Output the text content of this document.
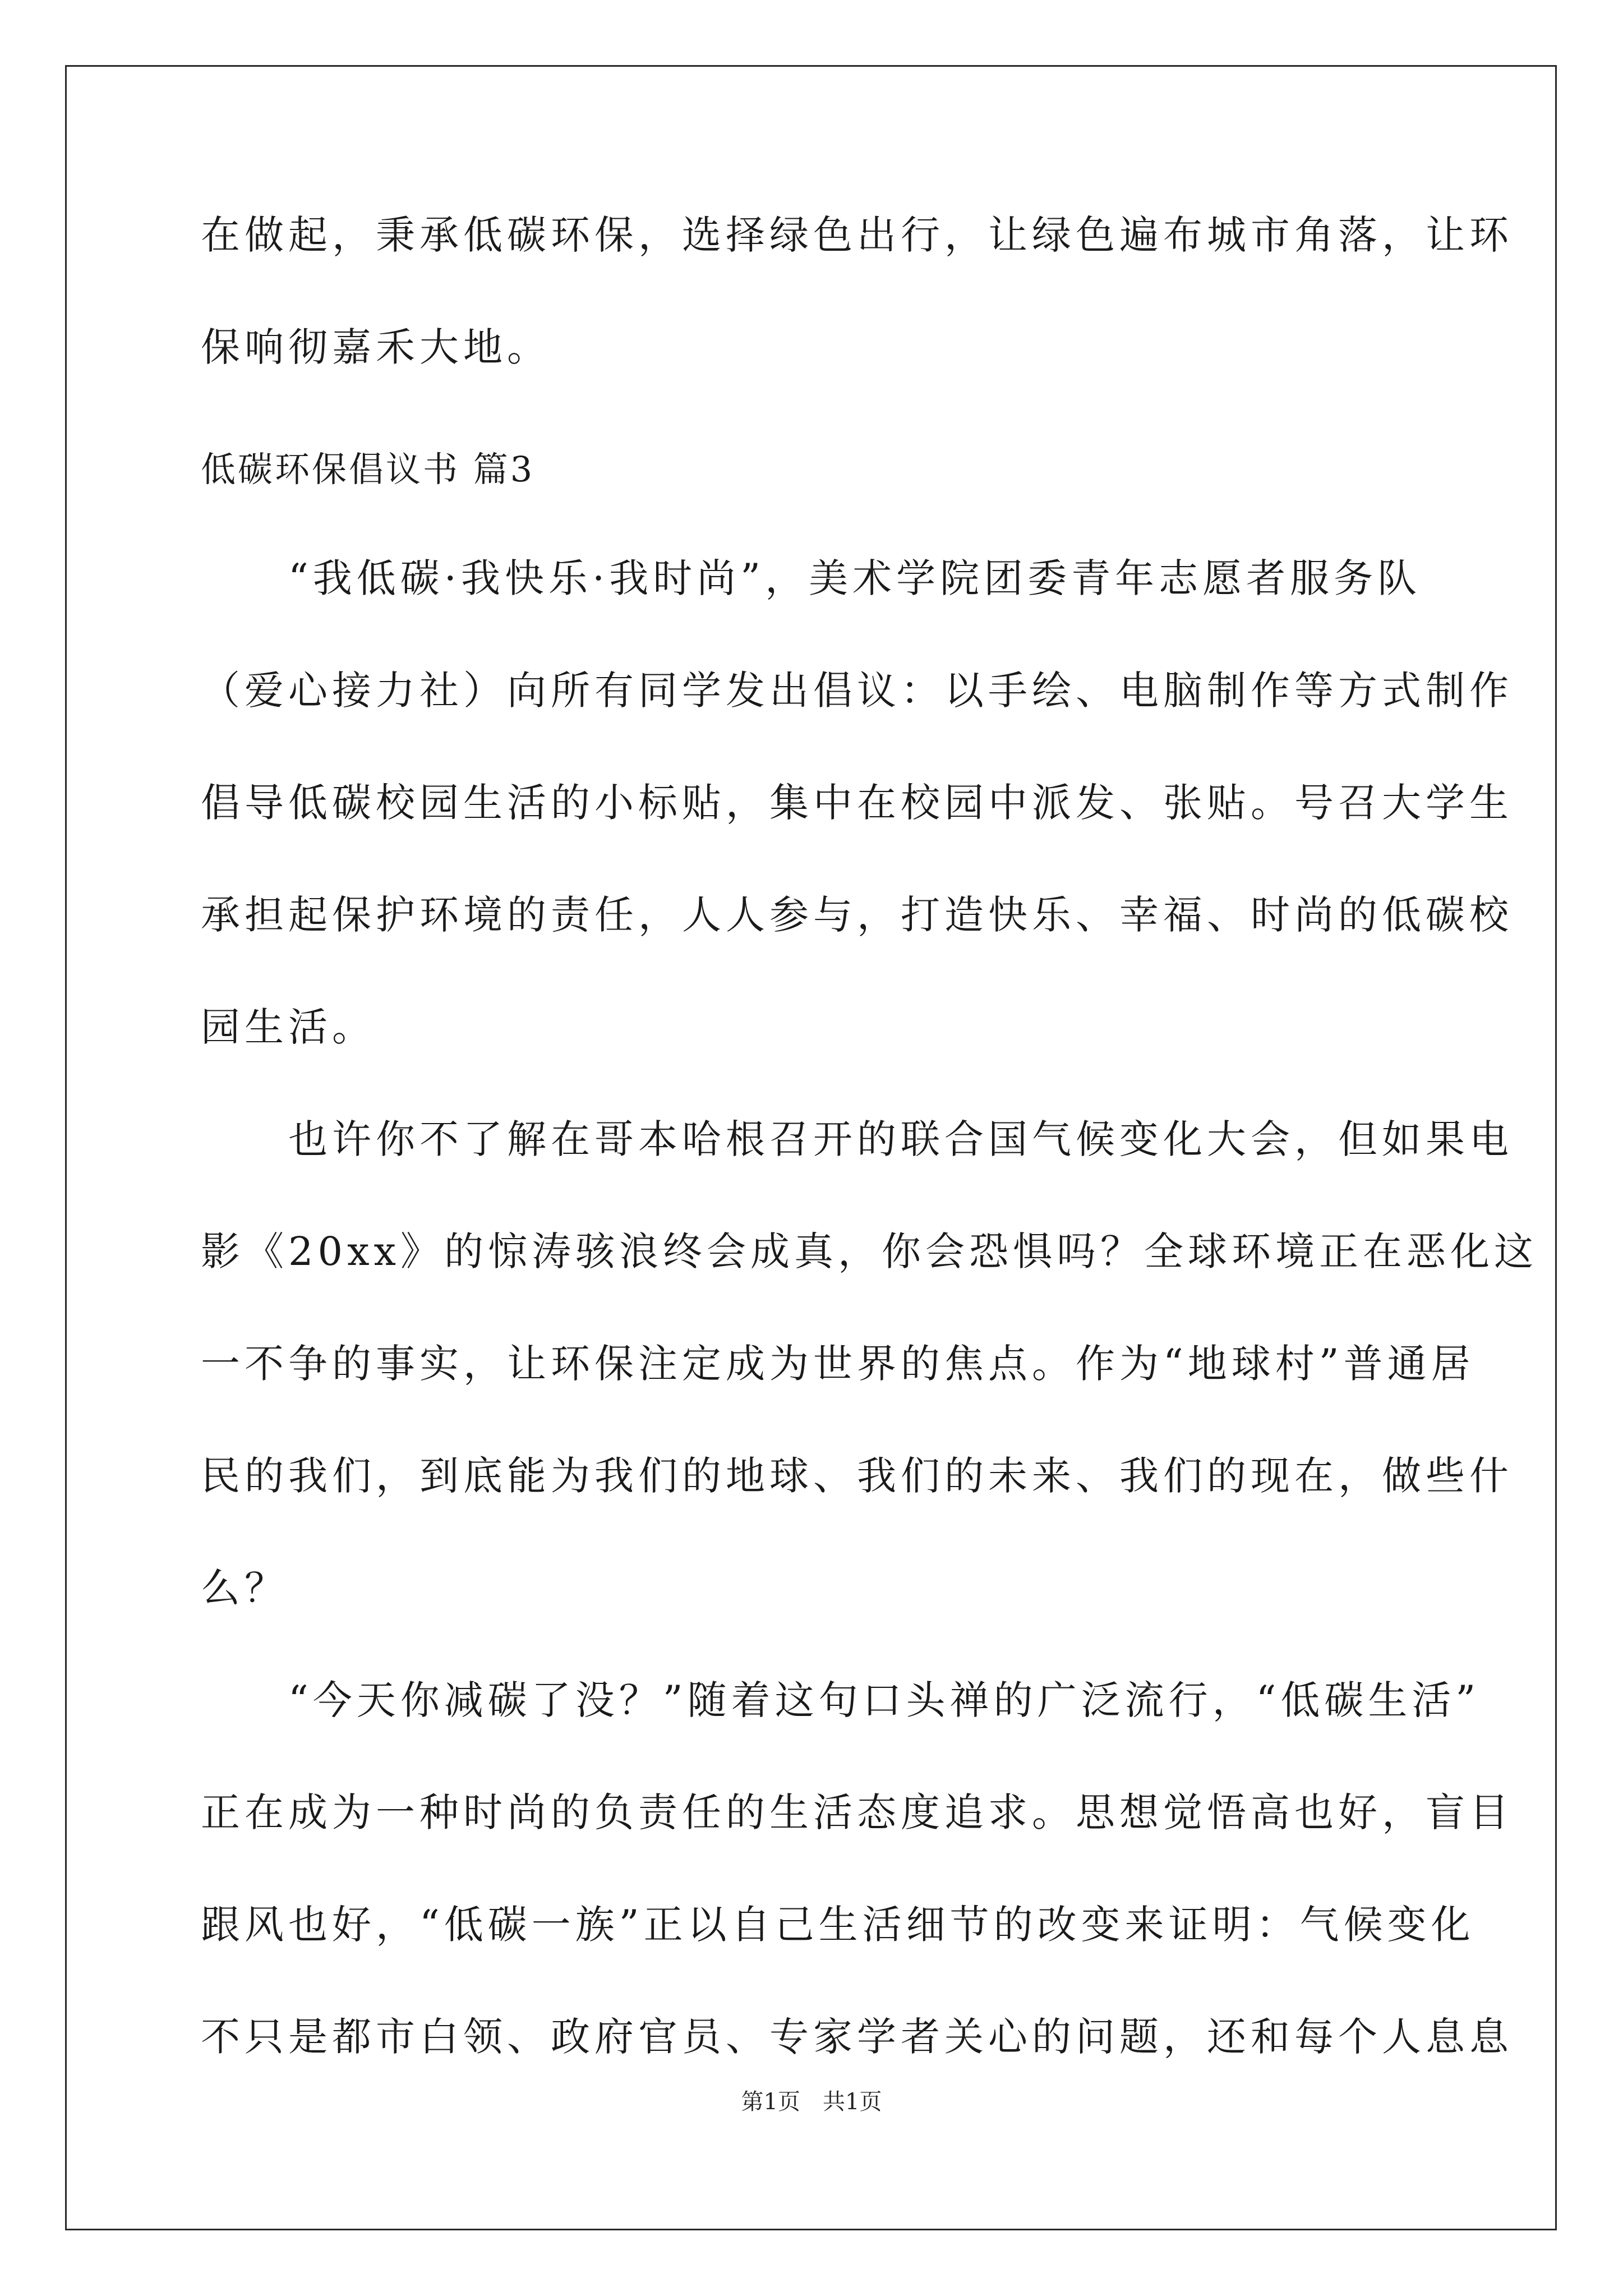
在做起，秉承低碳环保，选择绿色出行，让绿色遍布城市角落，让环

保响彻嘉禾大地。

低碳环保倡议书 篇3

　　“我低碳·我快乐·我时尚”，美术学院团委青年志愿者服务队

（爱心接力社）向所有同学发出倡议：以手绘、电脑制作等方式制作

倡导低碳校园生活的小标贴，集中在校园中派发、张贴。号召大学生

承担起保护环境的责任，人人参与，打造快乐、幸福、时尚的低碳校

园生活。

　　也许你不了解在哥本哈根召开的联合国气候变化大会，但如果电

影《20xx》的惊涛骇浪终会成真，你会恐惧吗？全球环境正在恶化这

一不争的事实，让环保注定成为世界的焦点。作为“地球村”普通居

民的我们，到底能为我们的地球、我们的未来、我们的现在，做些什

么？

　　“今天你减碳了没？”随着这句口头禅的广泛流行，“低碳生活”

正在成为一种时尚的负责任的生活态度追求。思想觉悟高也好，盲目

跟风也好，“低碳一族”正以自己生活细节的改变来证明：气候变化

不只是都市白领、政府官员、专家学者关心的问题，还和每个人息息

第1页　共1页
